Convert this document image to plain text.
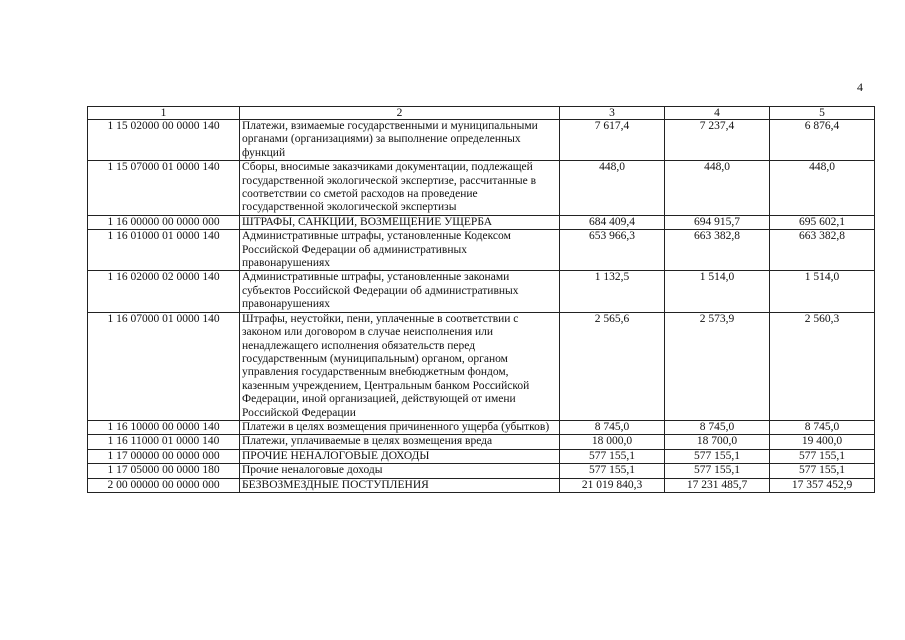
4
1	2	3	4	5
1 15 02000 00 0000 140	Платежи, взимаемые государственными и муниципальными органами (организациями) за выполнение определенных функций	7 617,4	7 237,4	6 876,4
1 15 07000 01 0000 140	Сборы, вносимые заказчиками документации, подлежащей государственной экологической экспертизе, рассчитанные в соответствии со сметой расходов на проведение государственной экологической экспертизы	448,0	448,0	448,0
1 16 00000 00 0000 000	ШТРАФЫ, САНКЦИИ, ВОЗМЕЩЕНИЕ УЩЕРБА	684 409,4	694 915,7	695 602,1
1 16 01000 01 0000 140	Административные штрафы, установленные Кодексом Российской Федерации об административных правонарушениях	653 966,3	663 382,8	663 382,8
1 16 02000 02 0000 140	Административные штрафы, установленные законами субъектов Российской Федерации об административных правонарушениях	1 132,5	1 514,0	1 514,0
1 16 07000 01 0000 140	Штрафы, неустойки, пени, уплаченные в соответствии с законом или договором в случае неисполнения или ненадлежащего исполнения обязательств перед государственным (муниципальным) органом, органом управления государственным внебюджетным фондом, казенным учреждением, Центральным банком Российской Федерации, иной организацией, действующей от имени Российской Федерации	2 565,6	2 573,9	2 560,3
1 16 10000 00 0000 140	Платежи в целях возмещения причиненного ущерба (убытков)	8 745,0	8 745,0	8 745,0
1 16 11000 01 0000 140	Платежи, уплачиваемые в целях возмещения вреда	18 000,0	18 700,0	19 400,0
1 17 00000 00 0000 000	ПРОЧИЕ НЕНАЛОГОВЫЕ ДОХОДЫ	577 155,1	577 155,1	577 155,1
1 17 05000 00 0000 180	Прочие неналоговые доходы	577 155,1	577 155,1	577 155,1
2 00 00000 00 0000 000	БЕЗВОЗМЕЗДНЫЕ ПОСТУПЛЕНИЯ	21 019 840,3	17 231 485,7	17 357 452,9
